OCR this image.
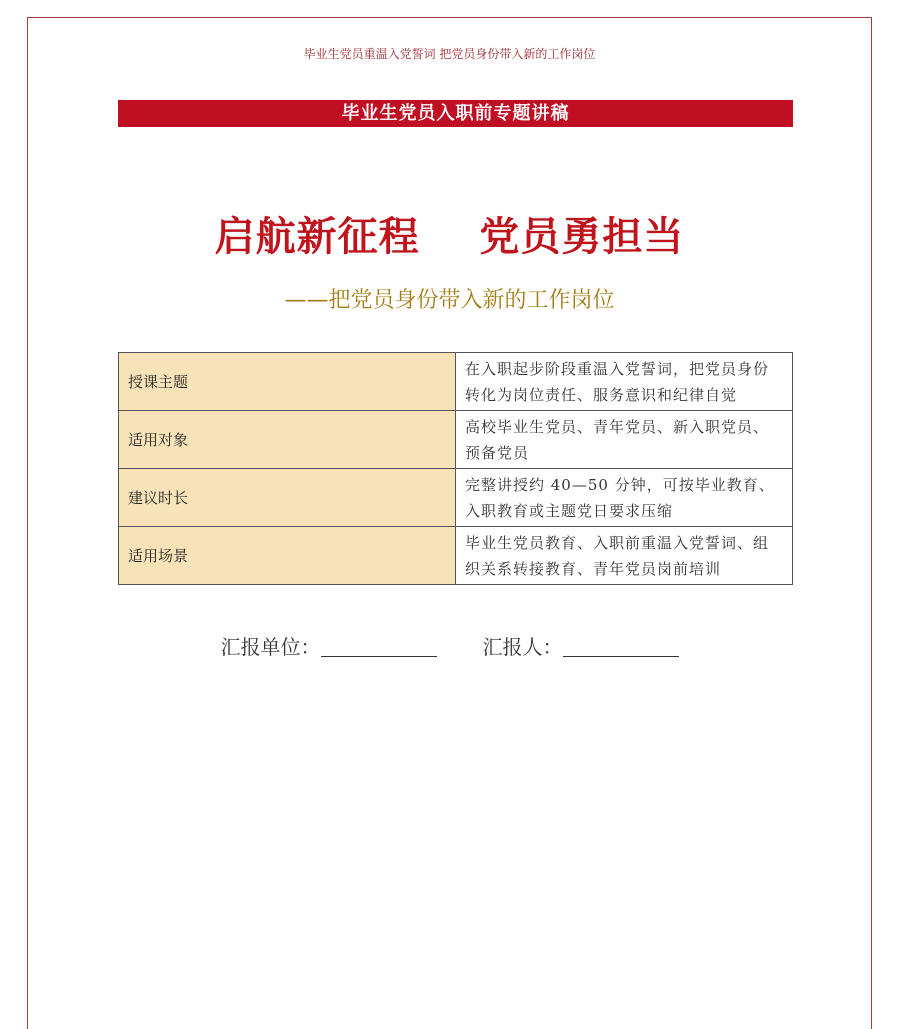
毕业生党员重温入党誓词 把党员身份带入新的工作岗位
毕业生党员入职前专题讲稿
启航新征程    党员勇担当
——把党员身份带入新的工作岗位
授课主题	在入职起步阶段重温入党誓词，把党员身份转化为岗位责任、服务意识和纪律自觉
适用对象	高校毕业生党员、青年党员、新入职党员、预备党员
建议时长	完整讲授约 40—50 分钟，可按毕业教育、入职教育或主题党日要求压缩
适用场景	毕业生党员教育、入职前重温入党誓词、组织关系转接教育、青年党员岗前培训
汇报单位：	汇报人：
